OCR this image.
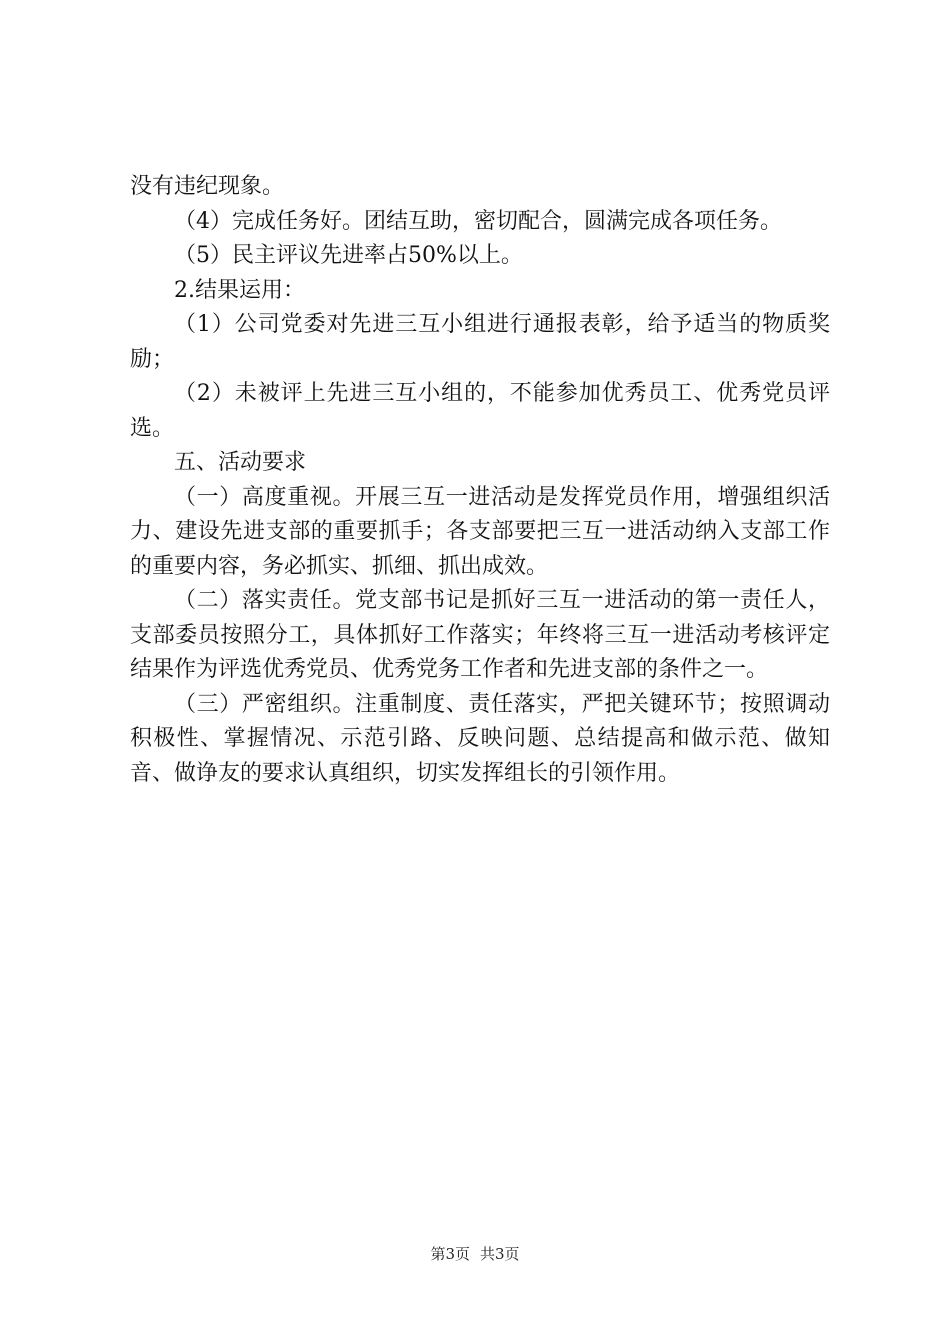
没有违纪现象。

（4）完成任务好。团结互助，密切配合，圆满完成各项任务。

（5）民主评议先进率占50%以上。

2.结果运用：

（1）公司党委对先进三互小组进行通报表彰，给予适当的物质奖励；

（2）未被评上先进三互小组的，不能参加优秀员工、优秀党员评选。

五、活动要求

（一）高度重视。开展三互一进活动是发挥党员作用，增强组织活力、建设先进支部的重要抓手；各支部要把三互一进活动纳入支部工作的重要内容，务必抓实、抓细、抓出成效。

（二）落实责任。党支部书记是抓好三互一进活动的第一责任人，支部委员按照分工，具体抓好工作落实；年终将三互一进活动考核评定结果作为评选优秀党员、优秀党务工作者和先进支部的条件之一。

（三）严密组织。注重制度、责任落实，严把关键环节；按照调动积极性、掌握情况、示范引路、反映问题、总结提高和做示范、做知音、做诤友的要求认真组织，切实发挥组长的引领作用。

第3页 共3页
